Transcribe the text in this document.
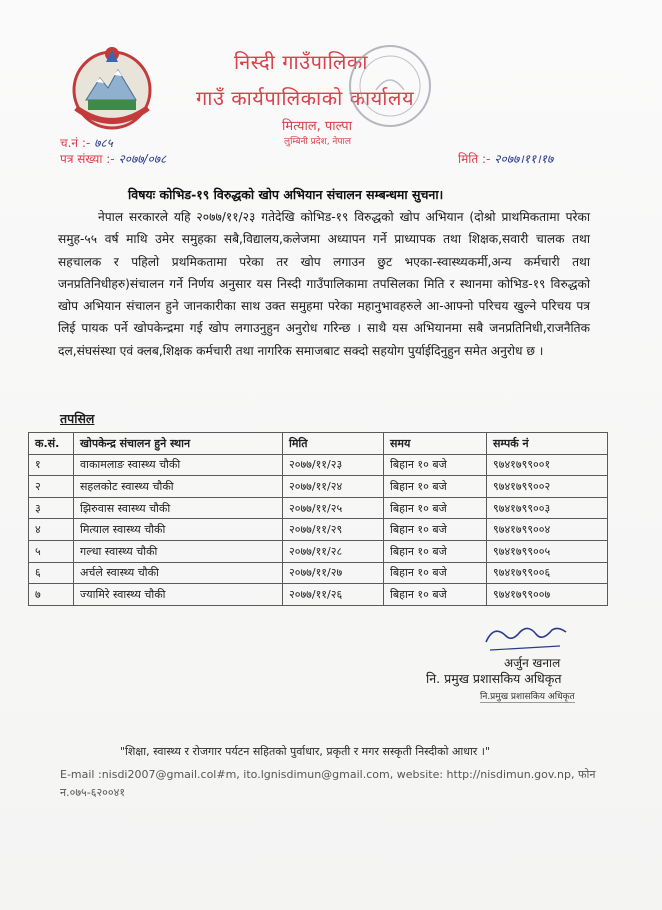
निस्दी गाउँपालिका
गाउँ कार्यपालिकाको कार्यालय
मित्याल, पाल्पा
लुम्बिनी प्रदेश, नेपाल
च.नं :- ७८५
पत्र संख्या :- २०७७/०७८	मिति :- २०७७।११।१७
विषयः कोभिड-१९ विरुद्धको खोप अभियान संचालन सम्बन्धमा सुचना।
नेपाल सरकारले यहि २०७७/११/२३ गतेदेखि कोभिड-१९ विरुद्धको खोप अभियान (दोश्रो प्राथमिकतामा परेका समुह-५५ वर्ष माथि उमेर समुहका सबै,विद्यालय,कलेजमा अध्यापन गर्ने प्राध्यापक तथा शिक्षक,सवारी चालक तथा सहचालक र पहिलो प्रथमिकतामा परेका तर खोप लगाउन छुट भएका-स्वास्थ्यकर्मी,अन्य कर्मचारी तथा जनप्रतिनिधीहरु)संचालन गर्ने निर्णय अनुसार यस निस्दी गाउँपालिकामा तपसिलका मिति र स्थानमा कोभिड-१९ विरुद्धको खोप अभियान संचालन हुने जानकारीका साथ उक्त समुहमा परेका महानुभावहरुले आ-आफ्नो परिचय खुल्ने परिचय पत्र लिई पायक पर्ने खोपकेन्द्रमा गई खोप लगाउनुहुन अनुरोध गरिन्छ । साथै यस अभियानमा सबै जनप्रतिनिधी,राजनैतिक दल,संघसंस्था एवं क्लब,शिक्षक कर्मचारी तथा नागरिक समाजबाट सक्दो सहयोग पुर्याईदिनुहुन समेत अनुरोध छ ।
तपसिल
क.सं.	खोपकेन्द्र संचालन हुने स्थान	मिति	समय	सम्पर्क नं
१	वाकामलाङ स्वास्थ्य चौकी	२०७७/११/२३	बिहान १० बजे	९७४१७९९००१
२	सहलकोट स्वास्थ्य चौकी	२०७७/११/२४	बिहान १० बजे	९७४१७९९००२
३	झिरुवास स्वास्थ्य चौकी	२०७७/११/२५	बिहान १० बजे	९७४१७९९००३
४	मित्याल स्वास्थ्य चौकी	२०७७/११/२९	बिहान १० बजे	९७४१७९९००४
५	गल्धा स्वास्थ्य चौकी	२०७७/११/२८	बिहान १० बजे	९७४१७९९००५
६	अर्चले स्वास्थ्य चौकी	२०७७/११/२७	बिहान १० बजे	९७४१७९९००६
७	ज्यामिरे स्वास्थ्य चौकी	२०७७/११/२६	बिहान १० बजे	९७४१७९९००७
अर्जुन खनाल
नि. प्रमुख प्रशासकिय अधिकृत
नि.प्रमुख प्रशासकिय अधिकृत
"शिक्षा, स्वास्थ्य र रोजगार पर्यटन सहितको पुर्वाधार, प्रकृती र मगर सस्कृती निस्दीको आधार ।"
E-mail :nisdi2007@gmail.col#m, ito.lgnisdimun@gmail.com, website: http://nisdimun.gov.np, फोन न.०७५-६२००४१
